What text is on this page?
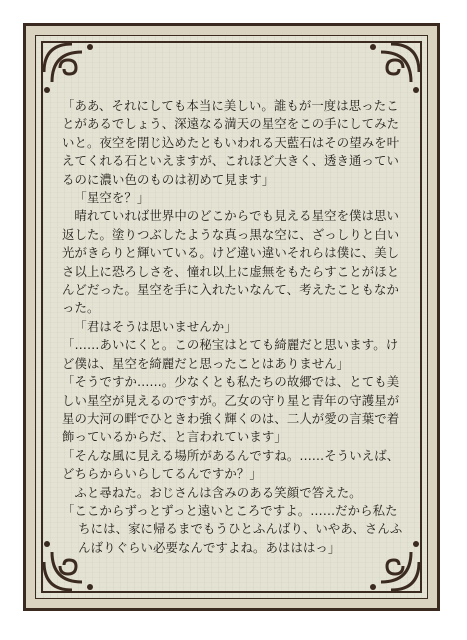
「ああ、それにしても本当に美しい。誰もが一度は思ったことがあるでしょう、深遠なる満天の星空をこの手にしてみたいと。夜空を閉じ込めたともいわれる天藍石はその望みを叶えてくれる石といえますが、これほど大きく、透き通っているのに濃い色のものは初めて見ます」

「星空を？」

晴れていれば世界中のどこからでも見える星空を僕は思い返した。塗りつぶしたような真っ黒な空に、ざっしりと白い光がきらりと輝いている。けど違い違いそれらは僕に、美しさ以上に恐ろしさを、憧れ以上に虚無をもたらすことがほとんどだった。星空を手に入れたいなんて、考えたこともなかった。

「君はそうは思いませんか」

「……あいにくと。この秘宝はとても綺麗だと思います。けど僕は、星空を綺麗だと思ったことはありません」

「そうですか……。少なくとも私たちの故郷では、とても美しい星空が見えるのですが。乙女の守り星と青年の守護星が星の大河の畔でひときわ強く輝くのは、二人が愛の言葉で着飾っているからだ、と言われています」

「そんな風に見える場所があるんですね。……そういえば、どちらからいらしてるんですか？」

ふと尋ねた。おじさんは含みのある笑顔で答えた。

「ここからずっとずっと遠いところですよ。……だから私たちには、家に帰るまでもうひとふんばり、いやあ、さんふんばりぐらい必要なんですよね。あはははっ」
